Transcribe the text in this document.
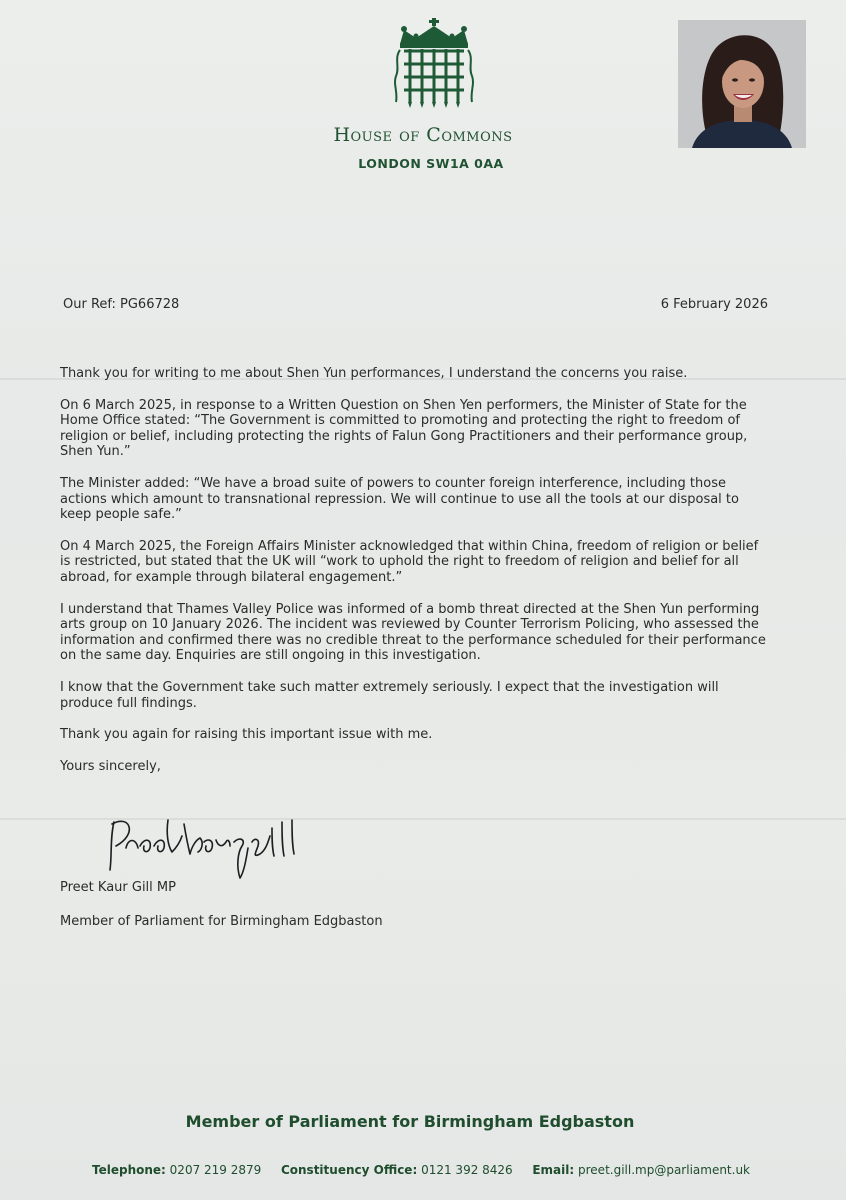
House of Commons
LONDON SW1A 0AA
Our Ref: PG66728	6 February 2026

Thank you for writing to me about Shen Yun performances, I understand the concerns you raise.

On 6 March 2025, in response to a Written Question on Shen Yen performers, the Minister of State for the Home Office stated: “The Government is committed to promoting and protecting the right to freedom of religion or belief, including protecting the rights of Falun Gong Practitioners and their performance group, Shen Yun.”

The Minister added: “We have a broad suite of powers to counter foreign interference, including those actions which amount to transnational repression. We will continue to use all the tools at our disposal to keep people safe.”

On 4 March 2025, the Foreign Affairs Minister acknowledged that within China, freedom of religion or belief is restricted, but stated that the UK will “work to uphold the right to freedom of religion and belief for all abroad, for example through bilateral engagement.”

I understand that Thames Valley Police was informed of a bomb threat directed at the Shen Yun performing arts group on 10 January 2026. The incident was reviewed by Counter Terrorism Policing, who assessed the information and confirmed there was no credible threat to the performance scheduled for their performance on the same day. Enquiries are still ongoing in this investigation.

I know that the Government take such matter extremely seriously. I expect that the investigation will produce full findings.

Thank you again for raising this important issue with me.

Yours sincerely,

Preet Kaur Gill MP
Member of Parliament for Birmingham Edgbaston
Member of Parliament for Birmingham Edgbaston
Telephone: 0207 219 2879 Constituency Office: 0121 392 8426 Email: preet.gill.mp@parliament.uk
